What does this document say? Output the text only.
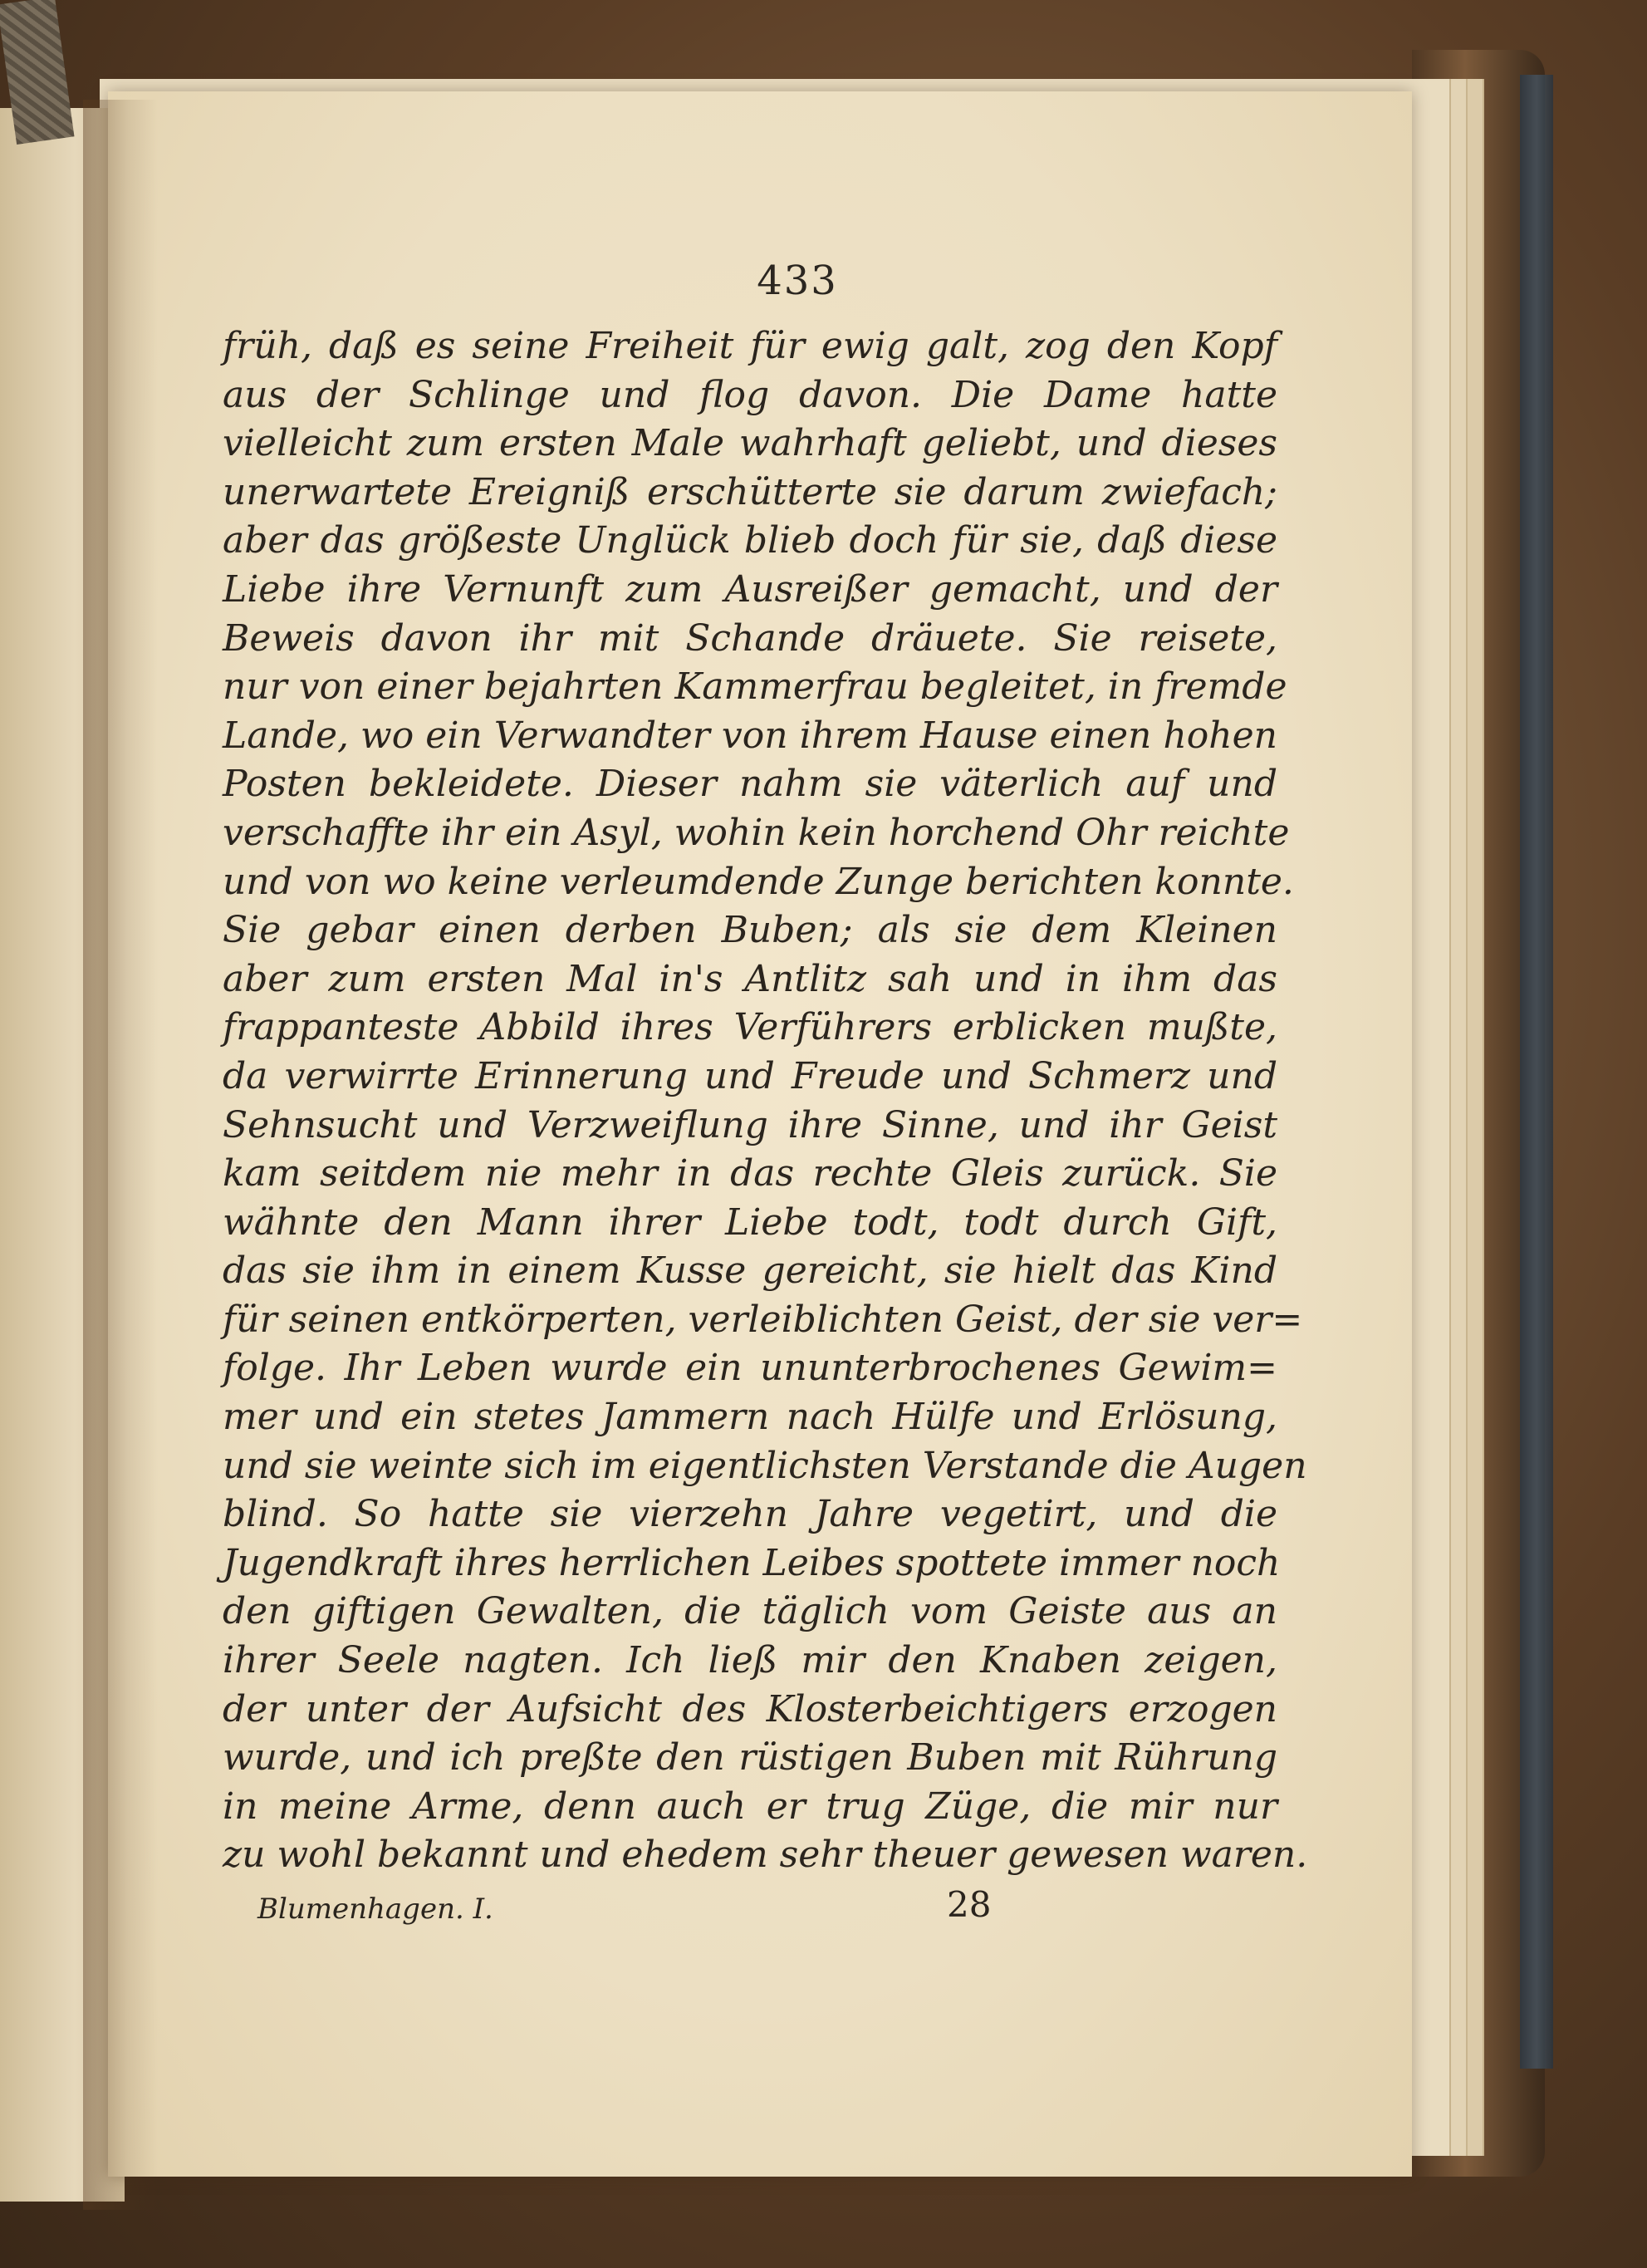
433
früh, daß es seine Freiheit für ewig galt, zog den Kopf
aus der Schlinge und flog davon. Die Dame hatte
vielleicht zum ersten Male wahrhaft geliebt, und dieses
unerwartete Ereigniß erschütterte sie darum zwiefach;
aber das größeste Unglück blieb doch für sie, daß diese
Liebe ihre Vernunft zum Ausreißer gemacht, und der
Beweis davon ihr mit Schande dräuete. Sie reisete,
nur von einer bejahrten Kammerfrau begleitet, in fremde
Lande, wo ein Verwandter von ihrem Hause einen hohen
Posten bekleidete. Dieser nahm sie väterlich auf und
verschaffte ihr ein Asyl, wohin kein horchend Ohr reichte
und von wo keine verleumdende Zunge berichten konnte.
Sie gebar einen derben Buben; als sie dem Kleinen
aber zum ersten Mal in's Antlitz sah und in ihm das
frappanteste Abbild ihres Verführers erblicken mußte,
da verwirrte Erinnerung und Freude und Schmerz und
Sehnsucht und Verzweiflung ihre Sinne, und ihr Geist
kam seitdem nie mehr in das rechte Gleis zurück. Sie
wähnte den Mann ihrer Liebe todt, todt durch Gift,
das sie ihm in einem Kusse gereicht, sie hielt das Kind
für seinen entkörperten, verleiblichten Geist, der sie ver=
folge. Ihr Leben wurde ein ununterbrochenes Gewim=
mer und ein stetes Jammern nach Hülfe und Erlösung,
und sie weinte sich im eigentlichsten Verstande die Augen
blind. So hatte sie vierzehn Jahre vegetirt, und die
Jugendkraft ihres herrlichen Leibes spottete immer noch
den giftigen Gewalten, die täglich vom Geiste aus an
ihrer Seele nagten. Ich ließ mir den Knaben zeigen,
der unter der Aufsicht des Klosterbeichtigers erzogen
wurde, und ich preßte den rüstigen Buben mit Rührung
in meine Arme, denn auch er trug Züge, die mir nur
zu wohl bekannt und ehedem sehr theuer gewesen waren.
Blumenhagen. I.	28
